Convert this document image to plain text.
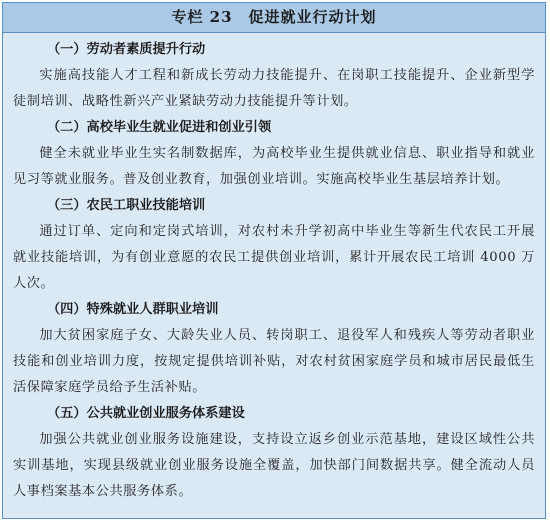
专栏 23　促进就业行动计划

（一）劳动者素质提升行动

实施高技能人才工程和新成长劳动力技能提升、在岗职工技能提升、企业新型学徒制培训、战略性新兴产业紧缺劳动力技能提升等计划。

（二）高校毕业生就业促进和创业引领

健全未就业毕业生实名制数据库，为高校毕业生提供就业信息、职业指导和就业见习等就业服务。普及创业教育，加强创业培训。实施高校毕业生基层培养计划。

（三）农民工职业技能培训

通过订单、定向和定岗式培训，对农村未升学初高中毕业生等新生代农民工开展就业技能培训，为有创业意愿的农民工提供创业培训，累计开展农民工培训 4000 万人次。

（四）特殊就业人群职业培训

加大贫困家庭子女、大龄失业人员、转岗职工、退役军人和残疾人等劳动者职业技能和创业培训力度，按规定提供培训补贴，对农村贫困家庭学员和城市居民最低生活保障家庭学员给予生活补贴。

（五）公共就业创业服务体系建设

加强公共就业创业服务设施建设，支持设立返乡创业示范基地，建设区域性公共实训基地，实现县级就业创业服务设施全覆盖，加快部门间数据共享。健全流动人员人事档案基本公共服务体系。
